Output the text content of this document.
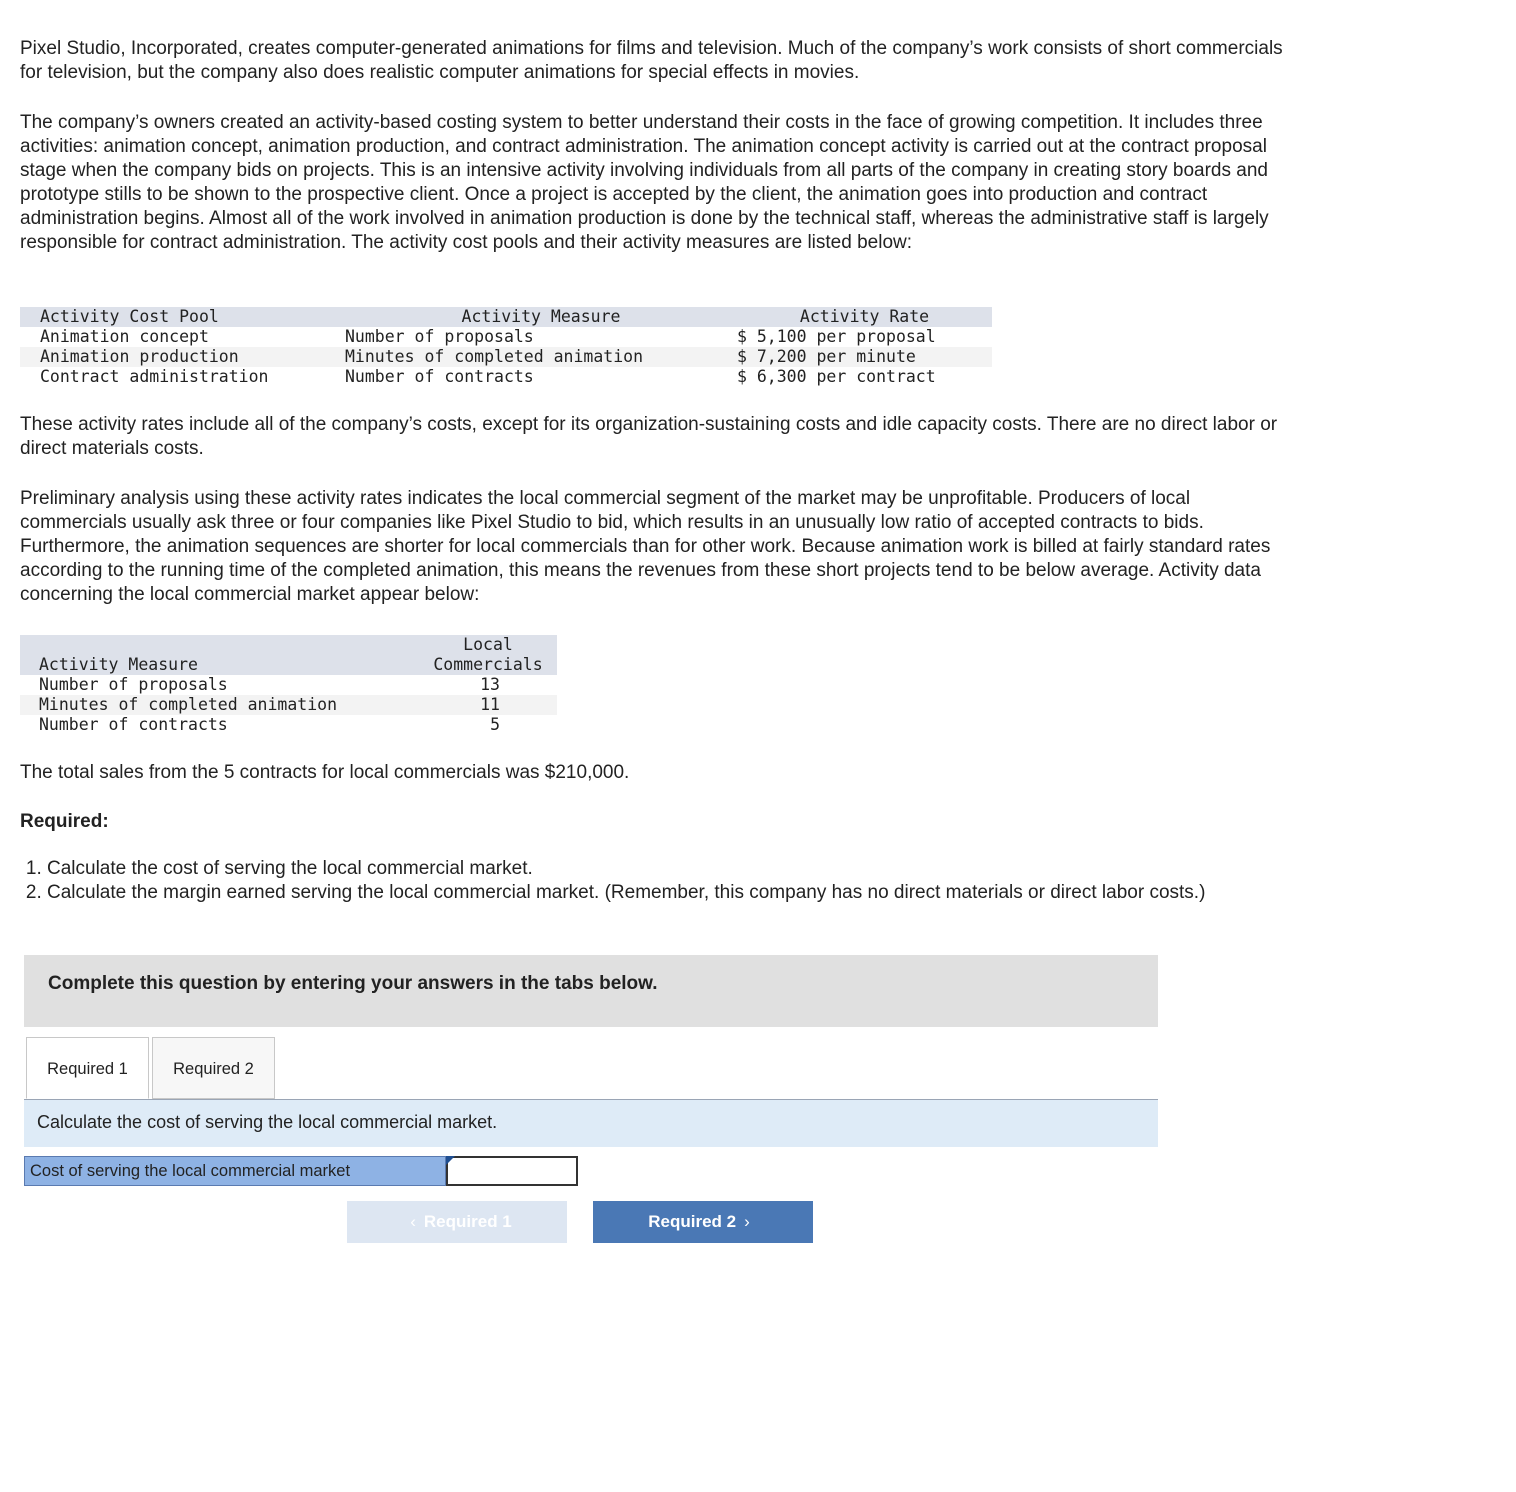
Pixel Studio, Incorporated, creates computer-generated animations for films and television. Much of the company’s work consists of short commercials for television, but the company also does realistic computer animations for special effects in movies.

The company’s owners created an activity-based costing system to better understand their costs in the face of growing competition. It includes three activities: animation concept, animation production, and contract administration. The animation concept activity is carried out at the contract proposal stage when the company bids on projects. This is an intensive activity involving individuals from all parts of the company in creating story boards and prototype stills to be shown to the prospective client. Once a project is accepted by the client, the animation goes into production and contract administration begins. Almost all of the work involved in animation production is done by the technical staff, whereas the administrative staff is largely responsible for contract administration. The activity cost pools and their activity measures are listed below:

Activity Cost Pool	Activity Measure	Activity Rate
Animation concept	Number of proposals	$ 5,100 per proposal
Animation production	Minutes of completed animation	$ 7,200 per minute
Contract administration	Number of contracts	$ 6,300 per contract

These activity rates include all of the company’s costs, except for its organization-sustaining costs and idle capacity costs. There are no direct labor or direct materials costs.

Preliminary analysis using these activity rates indicates the local commercial segment of the market may be unprofitable. Producers of local commercials usually ask three or four companies like Pixel Studio to bid, which results in an unusually low ratio of accepted contracts to bids. Furthermore, the animation sequences are shorter for local commercials than for other work. Because animation work is billed at fairly standard rates according to the running time of the completed animation, this means the revenues from these short projects tend to be below average. Activity data concerning the local commercial market appear below:

	Local
Activity Measure	Commercials
Number of proposals	13
Minutes of completed animation	11
Number of contracts	5

The total sales from the 5 contracts for local commercials was $210,000.

Required:
1. Calculate the cost of serving the local commercial market.
2. Calculate the margin earned serving the local commercial market. (Remember, this company has no direct materials or direct labor costs.)
Complete this question by entering your answers in the tabs below.
Required 1	Required 2
Calculate the cost of serving the local commercial market.
Cost of serving the local commercial market
‹ Required 1	Required 2 ›
